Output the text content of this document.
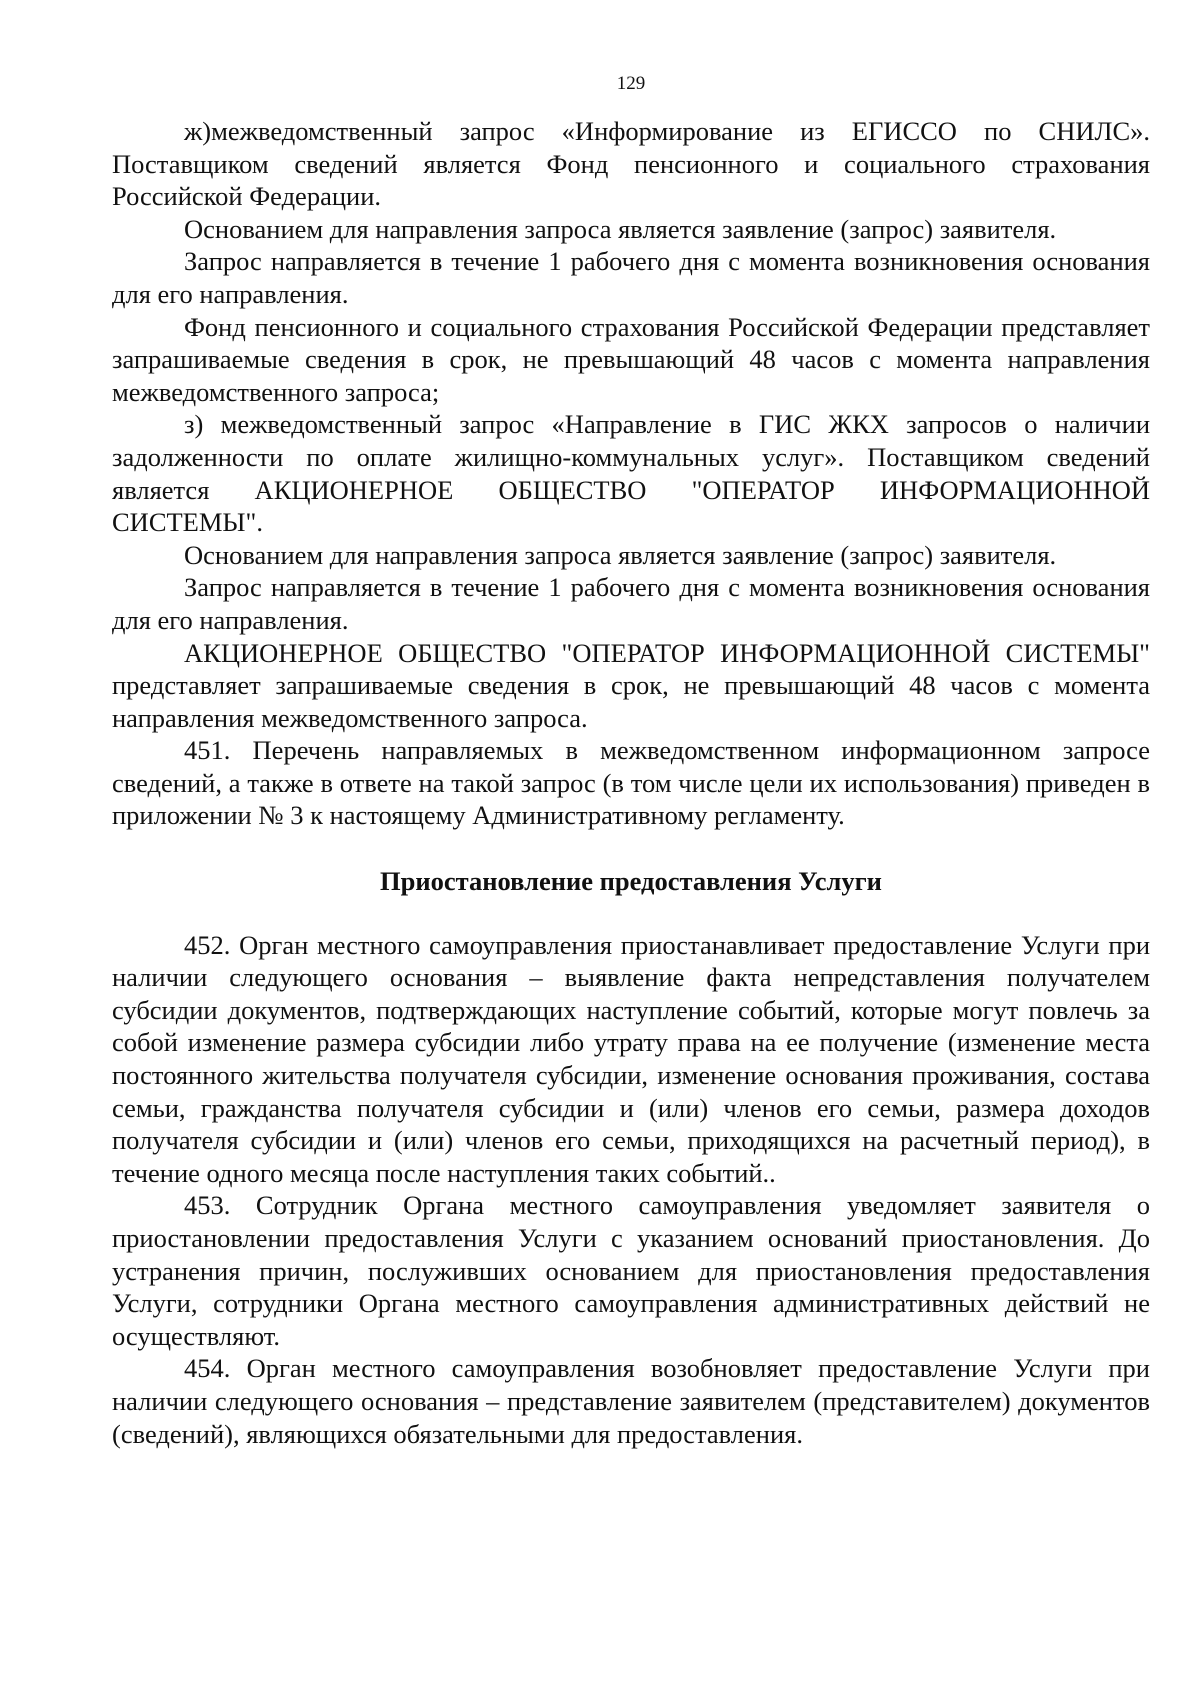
129

ж)межведомственный запрос «Информирование из ЕГИССО по СНИЛС». Поставщиком сведений является Фонд пенсионного и социального страхования Российской Федерации.

Основанием для направления запроса является заявление (запрос) заявителя.

Запрос направляется в течение 1 рабочего дня с момента возникновения основания для его направления.

Фонд пенсионного и социального страхования Российской Федерации представляет запрашиваемые сведения в срок, не превышающий 48 часов с момента направления межведомственного запроса;

з) межведомственный запрос «Направление в ГИС ЖКХ запросов о наличии задолженности по оплате жилищно-коммунальных услуг». Поставщиком сведений является АКЦИОНЕРНОЕ ОБЩЕСТВО "ОПЕРАТОР ИНФОРМАЦИОННОЙ СИСТЕМЫ".

Основанием для направления запроса является заявление (запрос) заявителя.

Запрос направляется в течение 1 рабочего дня с момента возникновения основания для его направления.

АКЦИОНЕРНОЕ ОБЩЕСТВО "ОПЕРАТОР ИНФОРМАЦИОННОЙ СИСТЕМЫ" представляет запрашиваемые сведения в срок, не превышающий 48 часов с момента направления межведомственного запроса.

451. Перечень направляемых в межведомственном информационном запросе сведений, а также в ответе на такой запрос (в том числе цели их использования) приведен в приложении № 3 к настоящему Административному регламенту.

Приостановление предоставления Услуги

452. Орган местного самоуправления приостанавливает предоставление Услуги при наличии следующего основания – выявление факта непредставления получателем субсидии документов, подтверждающих наступление событий, которые могут повлечь за собой изменение размера субсидии либо утрату права на ее получение (изменение места постоянного жительства получателя субсидии, изменение основания проживания, состава семьи, гражданства получателя субсидии и (или) членов его семьи, размера доходов получателя субсидии и (или) членов его семьи, приходящихся на расчетный период), в течение одного месяца после наступления таких событий..

453. Сотрудник Органа местного самоуправления уведомляет заявителя о приостановлении предоставления Услуги с указанием оснований приостановления. До устранения причин, послуживших основанием для приостановления предоставления Услуги, сотрудники Органа местного самоуправления административных действий не осуществляют.

454. Орган местного самоуправления возобновляет предоставление Услуги при наличии следующего основания – представление заявителем (представителем) документов (сведений), являющихся обязательными для предоставления.
